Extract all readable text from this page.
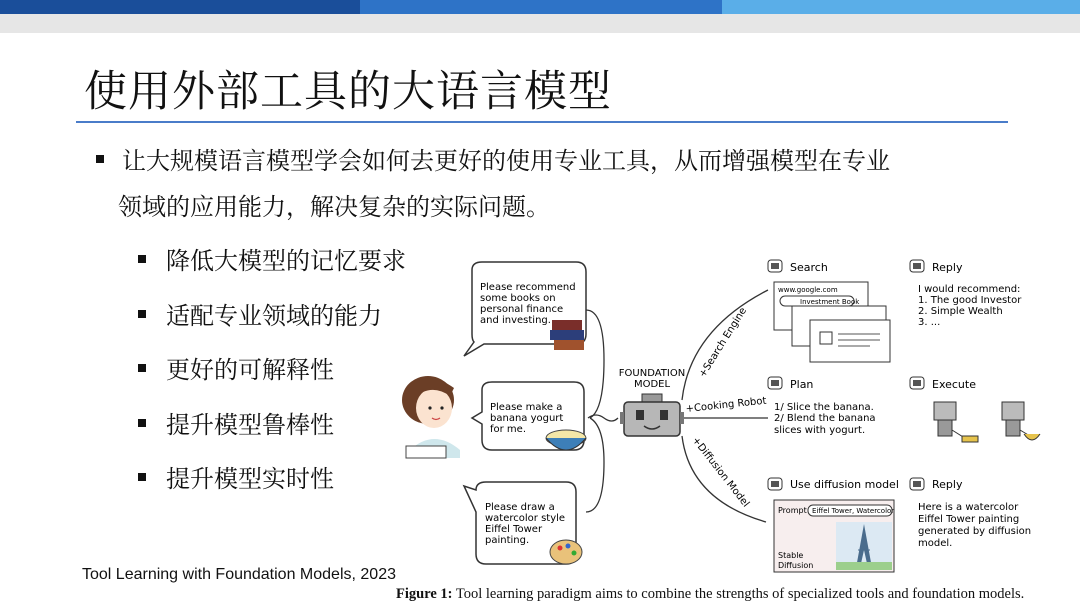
使用外部工具的大语言模型
让大规模语言模型学会如何去更好的使用专业工具，从而增强模型在专业
领域的应用能力，解决复杂的实际问题。
降低大模型的记忆要求
适配专业领域的能力
更好的可解释性
提升模型鲁棒性
提升模型实时性
Please recommend
some books on
personal finance
and investing.
Please make a
banana yogurt
for me.
Please draw a
watercolor style
Eiffel Tower
painting.
FOUNDATION
MODEL
+Search Engine
+Cooking Robot
+Diffusion Model
Search
www.google.com
Investment Book
Reply
I would recommend:
1. The good Investor
2. Simple Wealth
3. ...
Plan
1/ Slice the banana.
2/ Blend the banana
slices with yogurt.
Execute
Use diffusion model
Prompt Eiffel Tower, Watercolor
Stable
Diffusion
Reply
Here is a watercolor
Eiffel Tower painting
generated by diffusion
model.
Tool Learning with Foundation Models, 2023
Figure 1: Tool learning paradigm aims to combine the strengths of specialized tools and foundation models.
